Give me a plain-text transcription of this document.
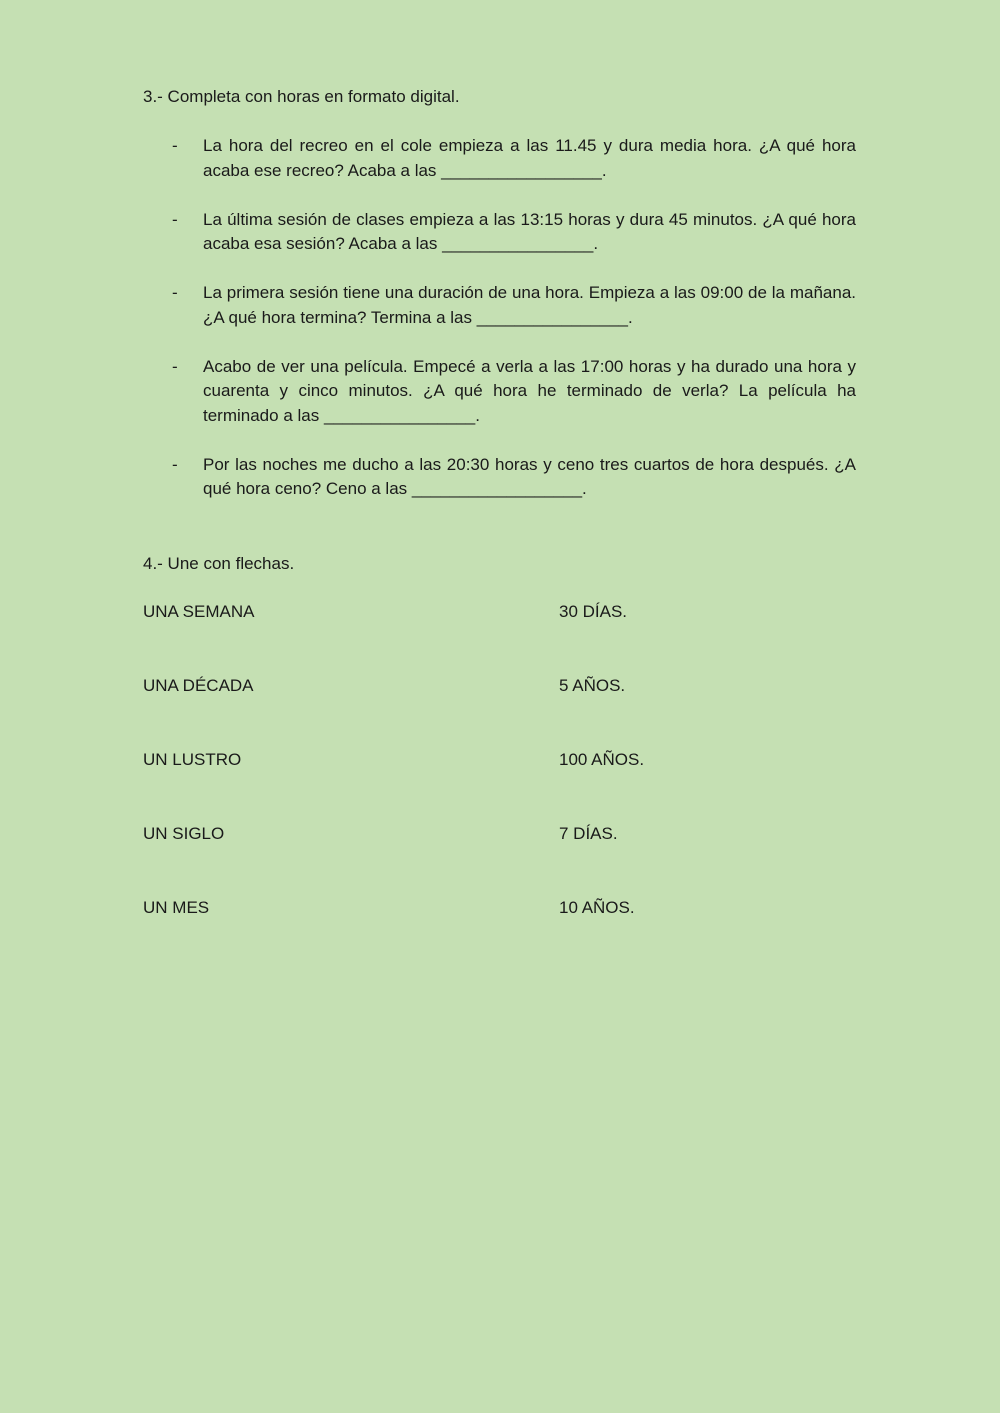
3.- Completa con horas en formato digital.
- La hora del recreo en el cole empieza a las 11.45 y dura media hora. ¿A qué hora acaba ese recreo? Acaba a las _________________.
- La última sesión de clases empieza a las 13:15 horas y dura 45 minutos. ¿A qué hora acaba esa sesión? Acaba a las ________________.
- La primera sesión tiene una duración de una hora. Empieza a las 09:00 de la mañana. ¿A qué hora termina? Termina a las ________________.
- Acabo de ver una película. Empecé a verla a las 17:00 horas y ha durado una hora y cuarenta y cinco minutos. ¿A qué hora he terminado de verla? La película ha terminado a las ________________.
- Por las noches me ducho a las 20:30 horas y ceno tres cuartos de hora después. ¿A qué hora ceno? Ceno a las __________________.
4.- Une con flechas.
UNA SEMANA	30 DÍAS.
UNA DÉCADA	5 AÑOS.
UN LUSTRO	100 AÑOS.
UN SIGLO	7 DÍAS.
UN MES	10 AÑOS.
